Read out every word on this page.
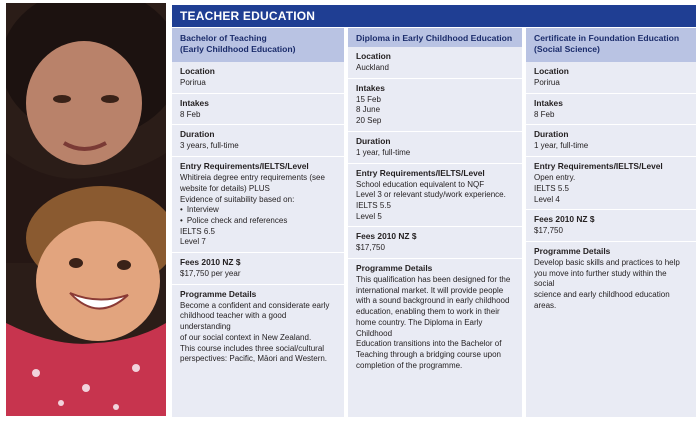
TEACHER EDUCATION
Bachelor of Teaching
(Early Childhood Education)
Location
Porirua
Intakes
8 Feb
Duration
3 years, full-time
Entry Requirements/IELTS/Level
Whitireia degree entry requirements (see
website for details) PLUS
Evidence of suitability based on:
• Interview
• Police check and references
IELTS 6.5
Level 7
Fees 2010 NZ $
$17,750 per year
Programme Details
Become a confident and considerate early
childhood teacher with a good understanding
of our social context in New Zealand.
This course includes three social/cultural
perspectives: Pacific, Māori and Western.
Diploma in Early Childhood Education
Location
Auckland
Intakes
15 Feb
8 June
20 Sep
Duration
1 year, full-time
Entry Requirements/IELTS/Level
School education equivalent to NQF
Level 3 or relevant study/work experience.
IELTS 5.5
Level 5
Fees 2010 NZ $
$17,750
Programme Details
This qualification has been designed for the
international market. It will provide people
with a sound background in early childhood
education, enabling them to work in their
home country. The Diploma in Early Childhood
Education transitions into the Bachelor of
Teaching through a bridging course upon
completion of the programme.
Certificate in Foundation Education
(Social Science)
Location
Porirua
Intakes
8 Feb
Duration
1 year, full-time
Entry Requirements/IELTS/Level
Open entry.
IELTS 5.5
Level 4
Fees 2010 NZ $
$17,750
Programme Details
Develop basic skills and practices to help
you move into further study within the social
science and early childhood education areas.
